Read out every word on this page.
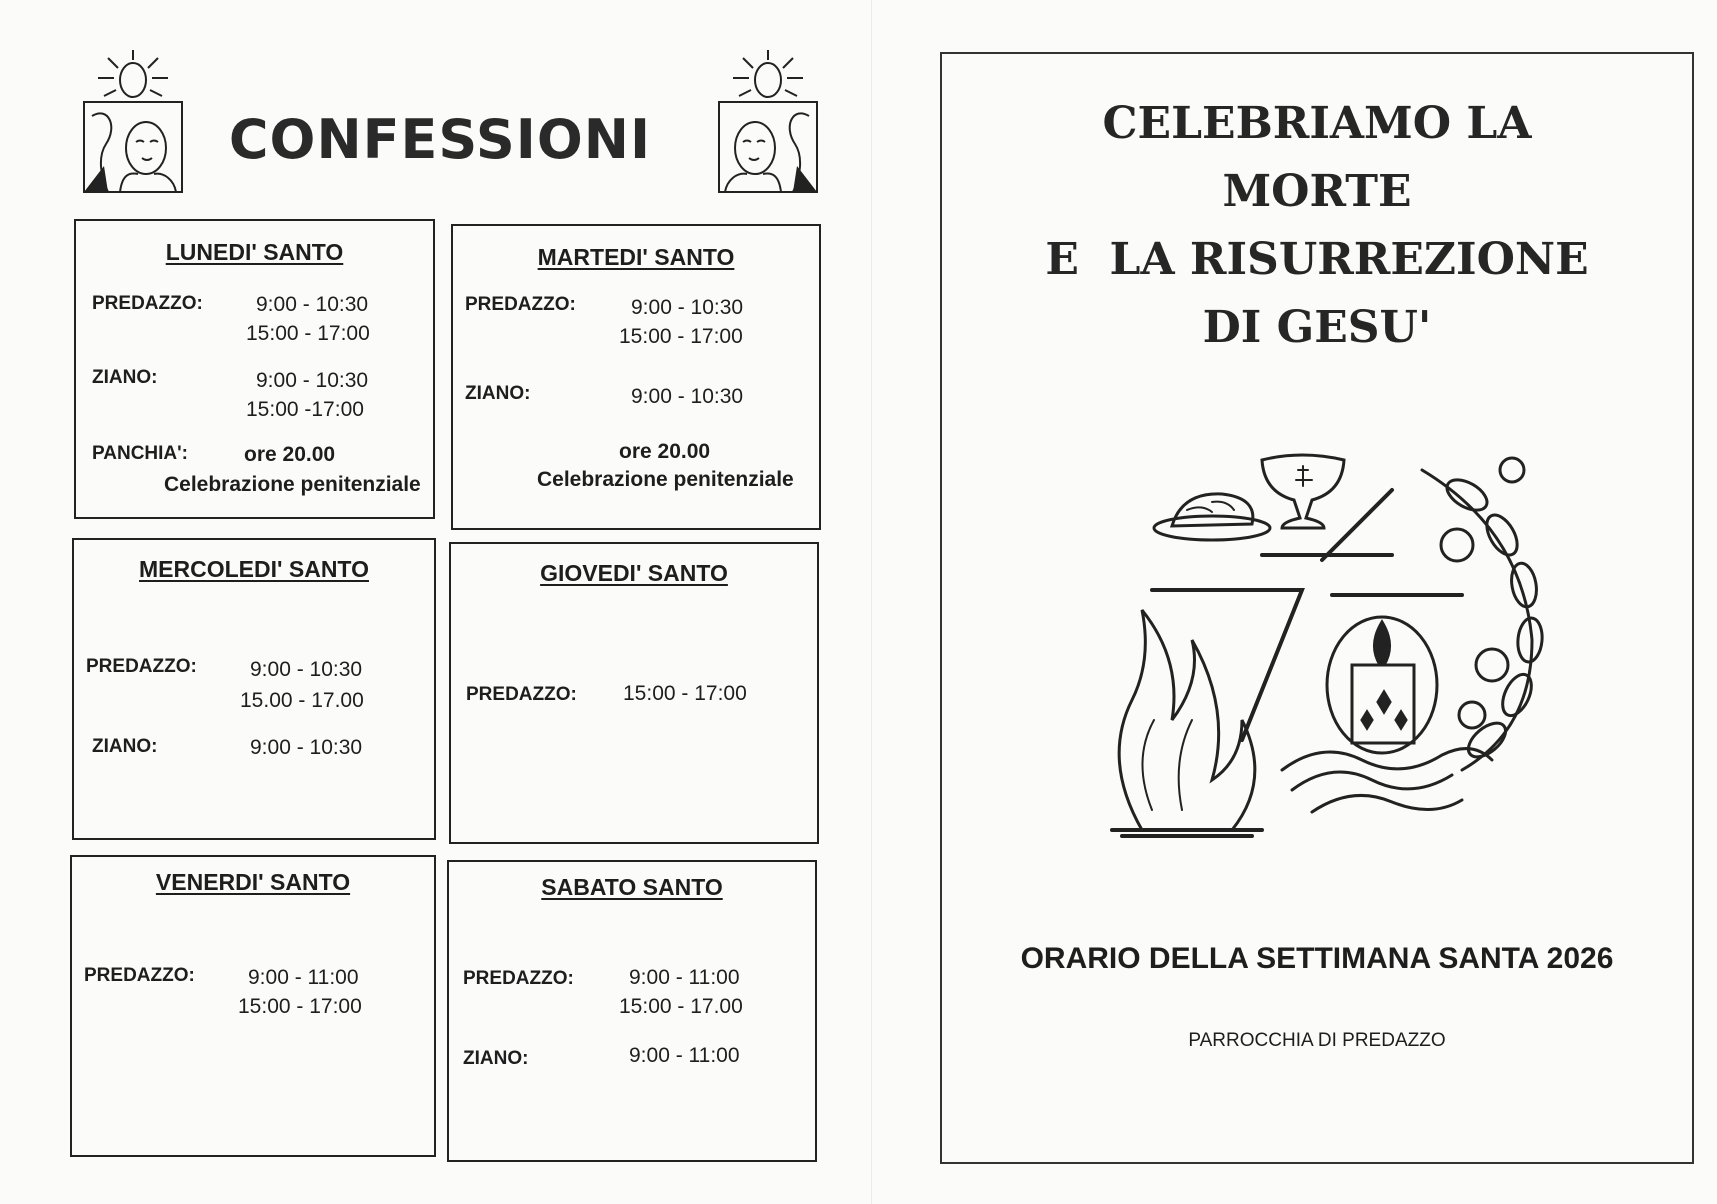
CONFESSIONI
LUNEDI' SANTO
PREDAZZO:	9:00 - 10:30
15:00 - 17:00
ZIANO:	9:00 - 10:30
15:00 -17:00
PANCHIA':	ore 20.00
Celebrazione penitenziale
MARTEDI' SANTO
PREDAZZO:	9:00 - 10:30
15:00 - 17:00
ZIANO:	9:00 - 10:30
ore 20.00
Celebrazione penitenziale
MERCOLEDI' SANTO
PREDAZZO:	9:00 - 10:30
15.00 - 17.00
ZIANO:	9:00 - 10:30
GIOVEDI' SANTO
PREDAZZO: 15:00 - 17:00
VENERDI' SANTO
PREDAZZO:	9:00 - 11:00
15:00 - 17:00
SABATO SANTO
PREDAZZO:	9:00 - 11:00
15:00 - 17.00
ZIANO:	9:00 - 11:00
CELEBRIAMO LA
MORTE
E  LA RISURREZIONE
DI GESU'
ORARIO DELLA SETTIMANA SANTA 2026
PARROCCHIA DI PREDAZZO
